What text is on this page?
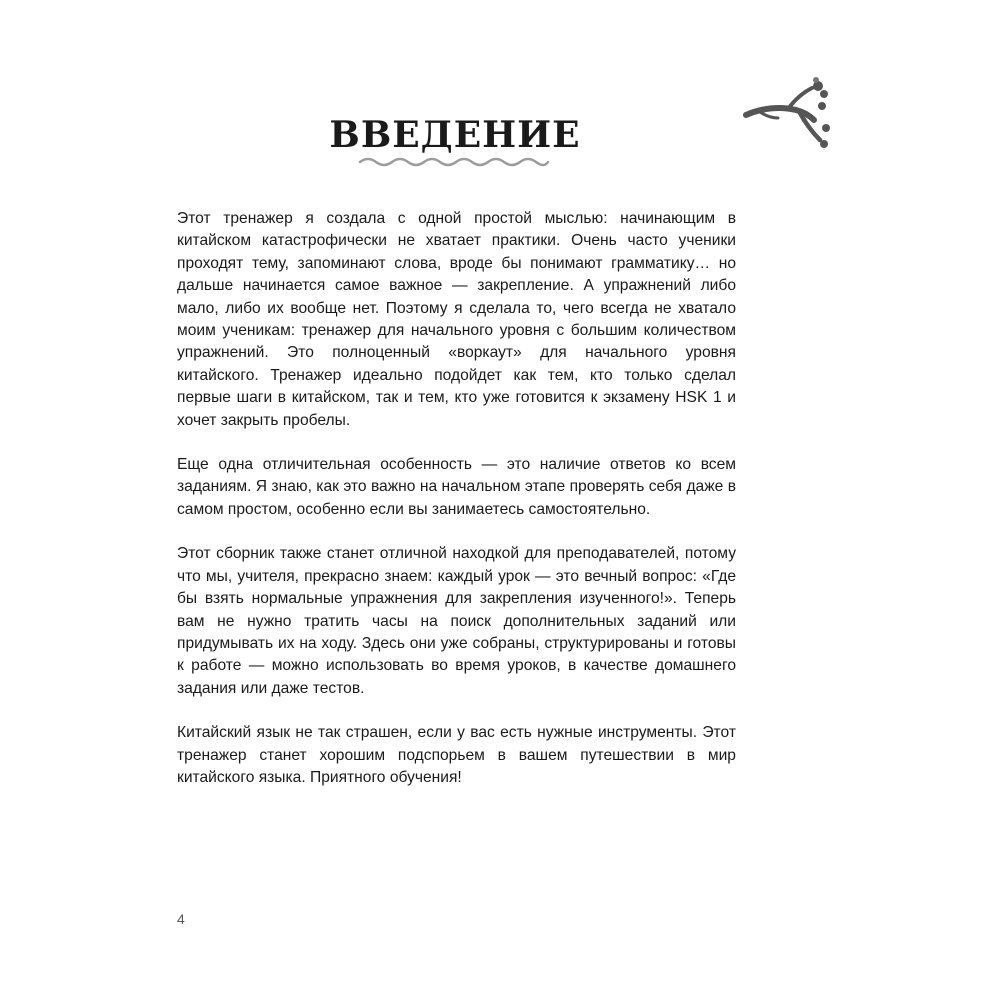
ВВЕДЕНИЕ

Этот тренажер я создала с одной простой мыслью: начинающим в китайском катастрофически не хватает практики. Очень часто ученики проходят тему, запоминают слова, вроде бы понимают грамматику… но дальше начинается самое важное — закрепление. А упражнений либо мало, либо их вообще нет. Поэтому я сделала то, чего всегда не хватало моим ученикам: тренажер для начального уровня с большим количеством упражнений. Это полноценный «воркаут» для начального уровня китайского. Тренажер идеально подойдет как тем, кто только сделал первые шаги в китайском, так и тем, кто уже готовится к экзамену HSK 1 и хочет закрыть пробелы.

Еще одна отличительная особенность — это наличие ответов ко всем заданиям. Я знаю, как это важно на начальном этапе проверять себя даже в самом простом, особенно если вы занимаетесь самостоятельно.

Этот сборник также станет отличной находкой для преподавателей, потому что мы, учителя, прекрасно знаем: каждый урок — это вечный вопрос: «Где бы взять нормальные упражнения для закрепления изученного!». Теперь вам не нужно тратить часы на поиск дополнительных заданий или придумывать их на ходу. Здесь они уже собраны, структурированы и готовы к работе — можно использовать во время уроков, в качестве домашнего задания или даже тестов.

Китайский язык не так страшен, если у вас есть нужные инструменты. Этот тренажер станет хорошим подспорьем в вашем путешествии в мир китайского языка. Приятного обучения!

4
